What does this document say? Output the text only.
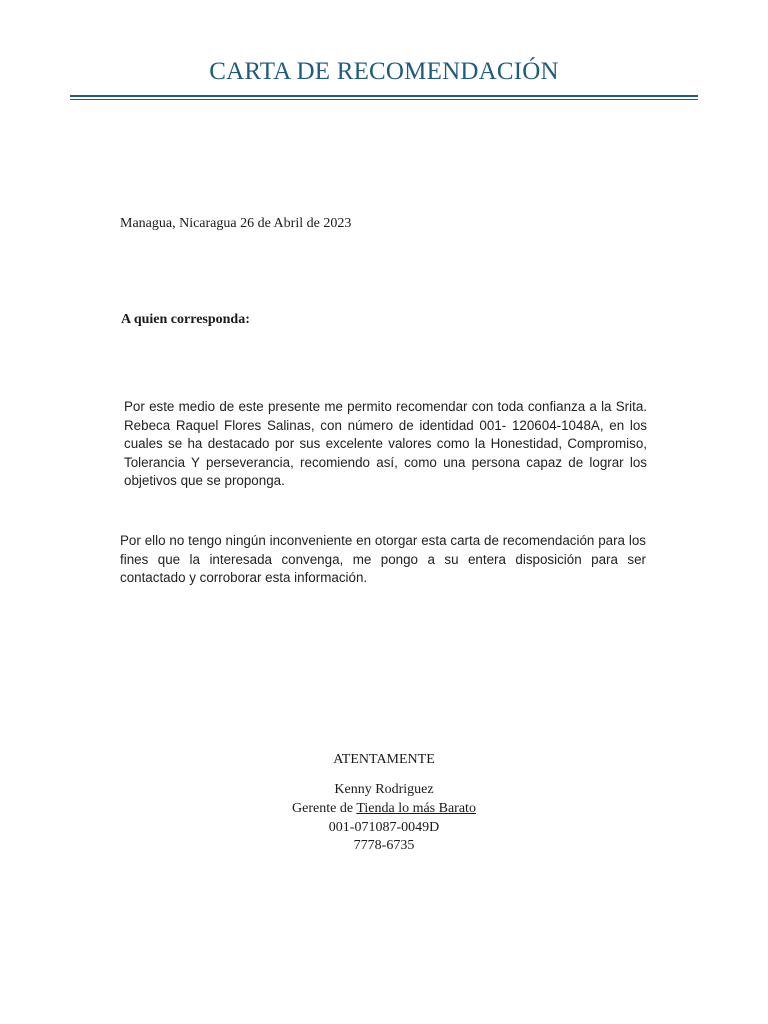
CARTA DE RECOMENDACIÓN
Managua, Nicaragua 26 de Abril de 2023
A quien corresponda:
Por este medio de este presente me permito recomendar con toda confianza a la Srita. Rebeca Raquel Flores Salinas, con número de identidad 001- 120604-1048A, en los cuales se ha destacado por sus excelente valores como la Honestidad, Compromiso, Tolerancia Y perseverancia, recomiendo así, como una persona capaz de lograr los objetivos que se proponga.
Por ello no tengo ningún inconveniente en otorgar esta carta de recomendación para los fines que la interesada convenga, me pongo a su entera disposición para ser contactado y corroborar esta información.
ATENTAMENTE
Kenny Rodriguez
Gerente de Tienda lo más Barato
001-071087-0049D
7778-6735
